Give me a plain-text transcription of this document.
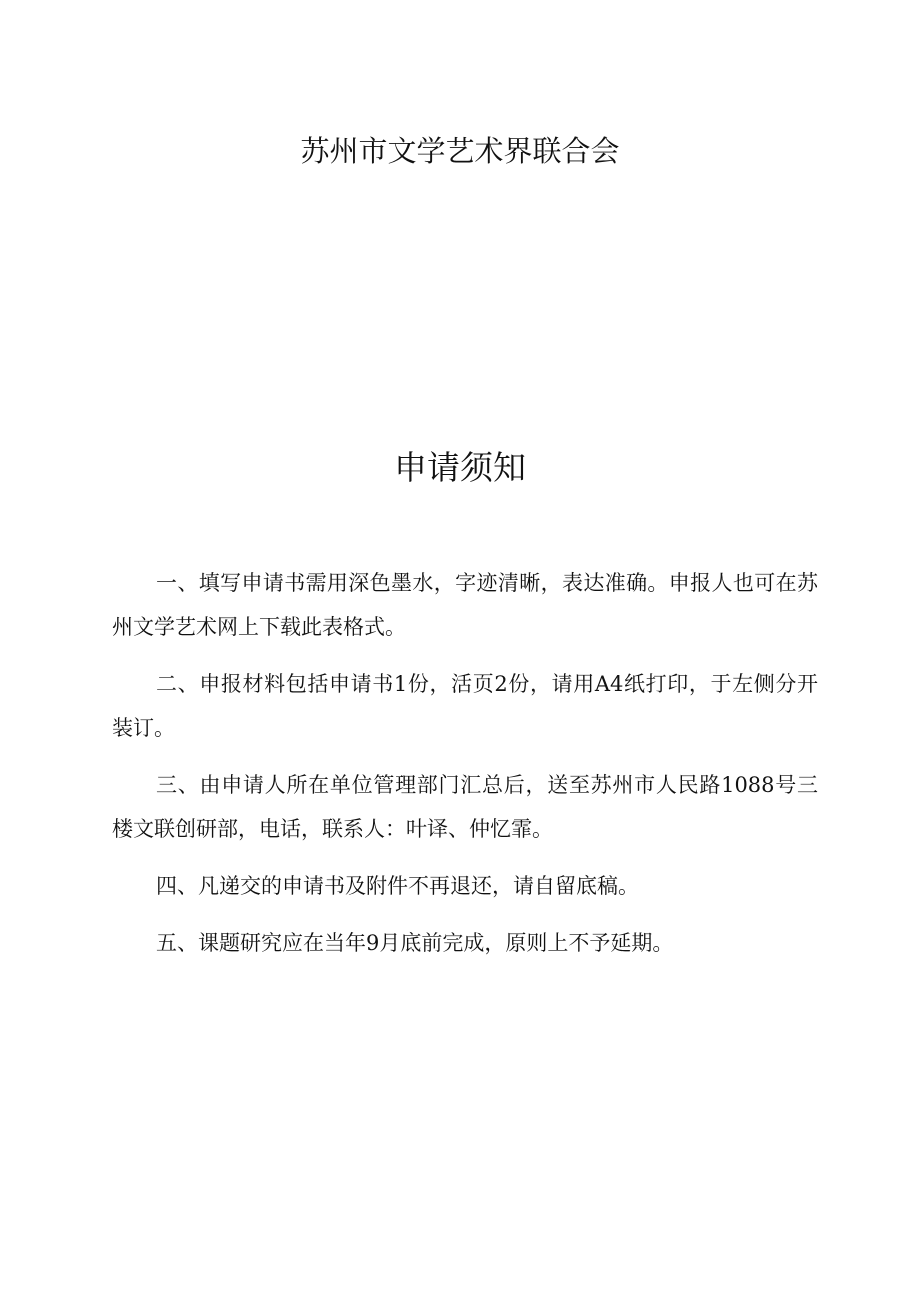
苏州市文学艺术界联合会
申请须知
一、填写申请书需用深色墨水，字迹清晰，表达准确。申报人也可在苏州文学艺术网上下载此表格式。
二、申报材料包括申请书1份，活页2份，请用A4纸打印，于左侧分开装订。
三、由申请人所在单位管理部门汇总后，送至苏州市人民路1088号三楼文联创研部，电话，联系人：叶译、仲忆霏。
四、凡递交的申请书及附件不再退还，请自留底稿。
五、课题研究应在当年9月底前完成，原则上不予延期。
